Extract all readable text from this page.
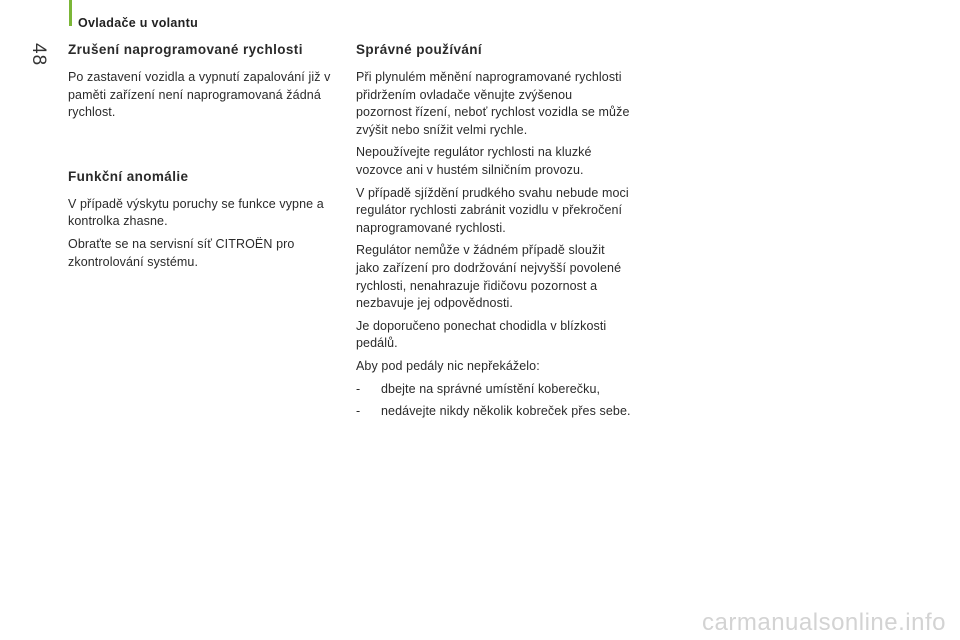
Ovladače u volantu
48 Zrušení naprogramované rychlosti

Po zastavení vozidla a vypnutí zapalování již v paměti zařízení není naprogramovaná žádná rychlost.

Funkční anomálie

V případě výskytu poruchy se funkce vypne a kontrolka zhasne.

Obraťte se na servisní síť CITROËN pro zkontrolování systému.

Správné používání

Při plynulém měnění naprogramované rychlosti přidržením ovladače věnujte zvýšenou pozornost řízení, neboť rychlost vozidla se může zvýšit nebo snížit velmi rychle.

Nepoužívejte regulátor rychlosti na kluzké vozovce ani v hustém silničním provozu.

V případě sjíždění prudkého svahu nebude moci regulátor rychlosti zabránit vozidlu v překročení naprogramované rychlosti.

Regulátor nemůže v žádném případě sloužit jako zařízení pro dodržování nejvyšší povolené rychlosti, nenahrazuje řidičovu pozornost a nezbavuje jej odpovědnosti.

Je doporučeno ponechat chodidla v blízkosti pedálů.

Aby pod pedály nic nepřekáželo:

- dbejte na správné umístění koberečku,
- nedávejte nikdy několik kobreček přes sebe.
carmanualsonline.info
